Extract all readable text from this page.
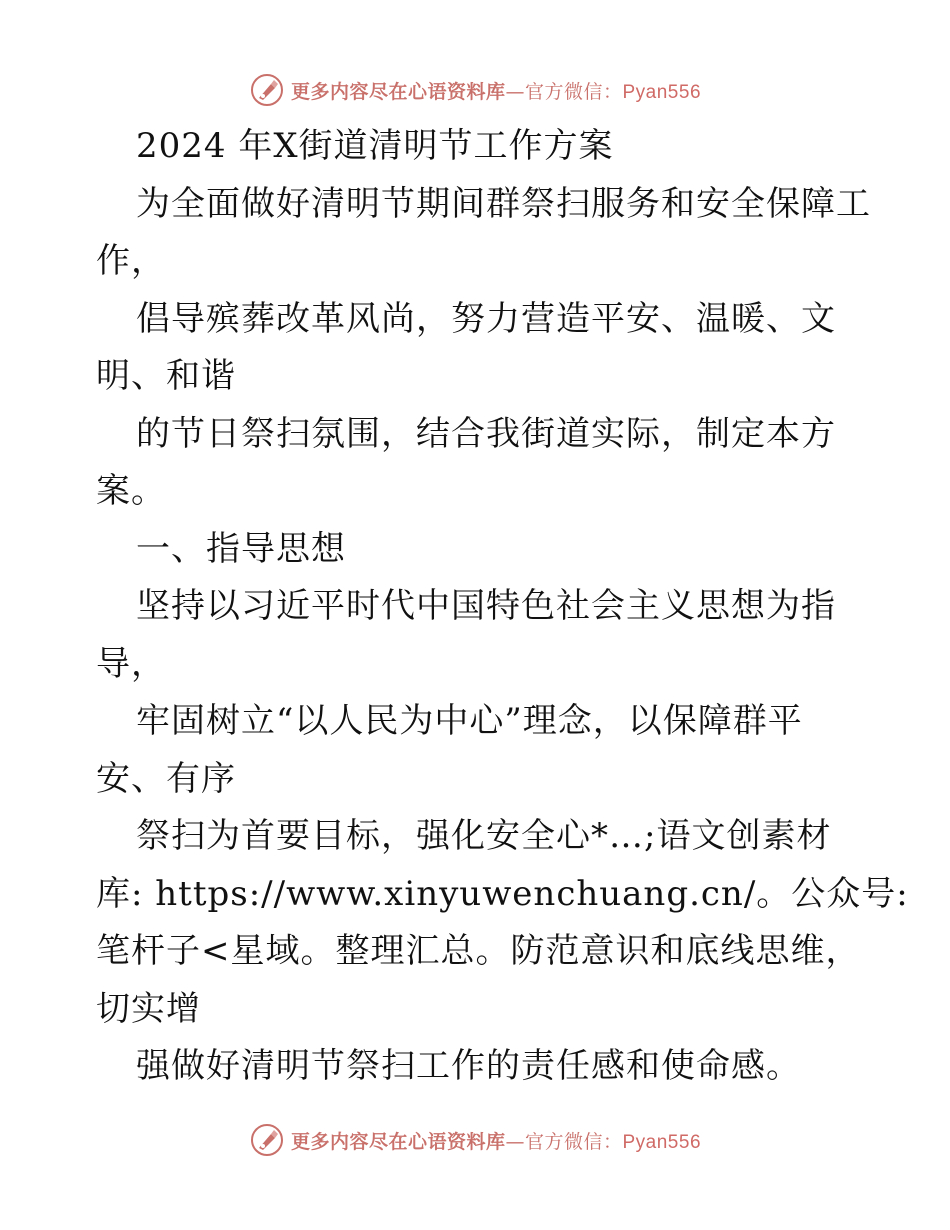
更多内容尽在心语资料库—官方微信：Pyan556
2024 年X街道清明节工作方案
为全面做好清明节期间群祭扫服务和安全保障工
作，
倡导殡葬改革风尚，努力营造平安、温暖、文
明、和谐
的节日祭扫氛围，结合我街道实际，制定本方
案。
一、指导思想
坚持以习近平时代中国特色社会主义思想为指
导，
牢固树立“以人民为中心”理念，以保障群平
安、有序
祭扫为首要目标，强化安全心*…;语文创素材
库: https://www.xinyuwenchuang.cn/。公众号:
笔杆子<星域。整理汇总。防范意识和底线思维，
切实增
强做好清明节祭扫工作的责任感和使命感。
更多内容尽在心语资料库—官方微信：Pyan556
